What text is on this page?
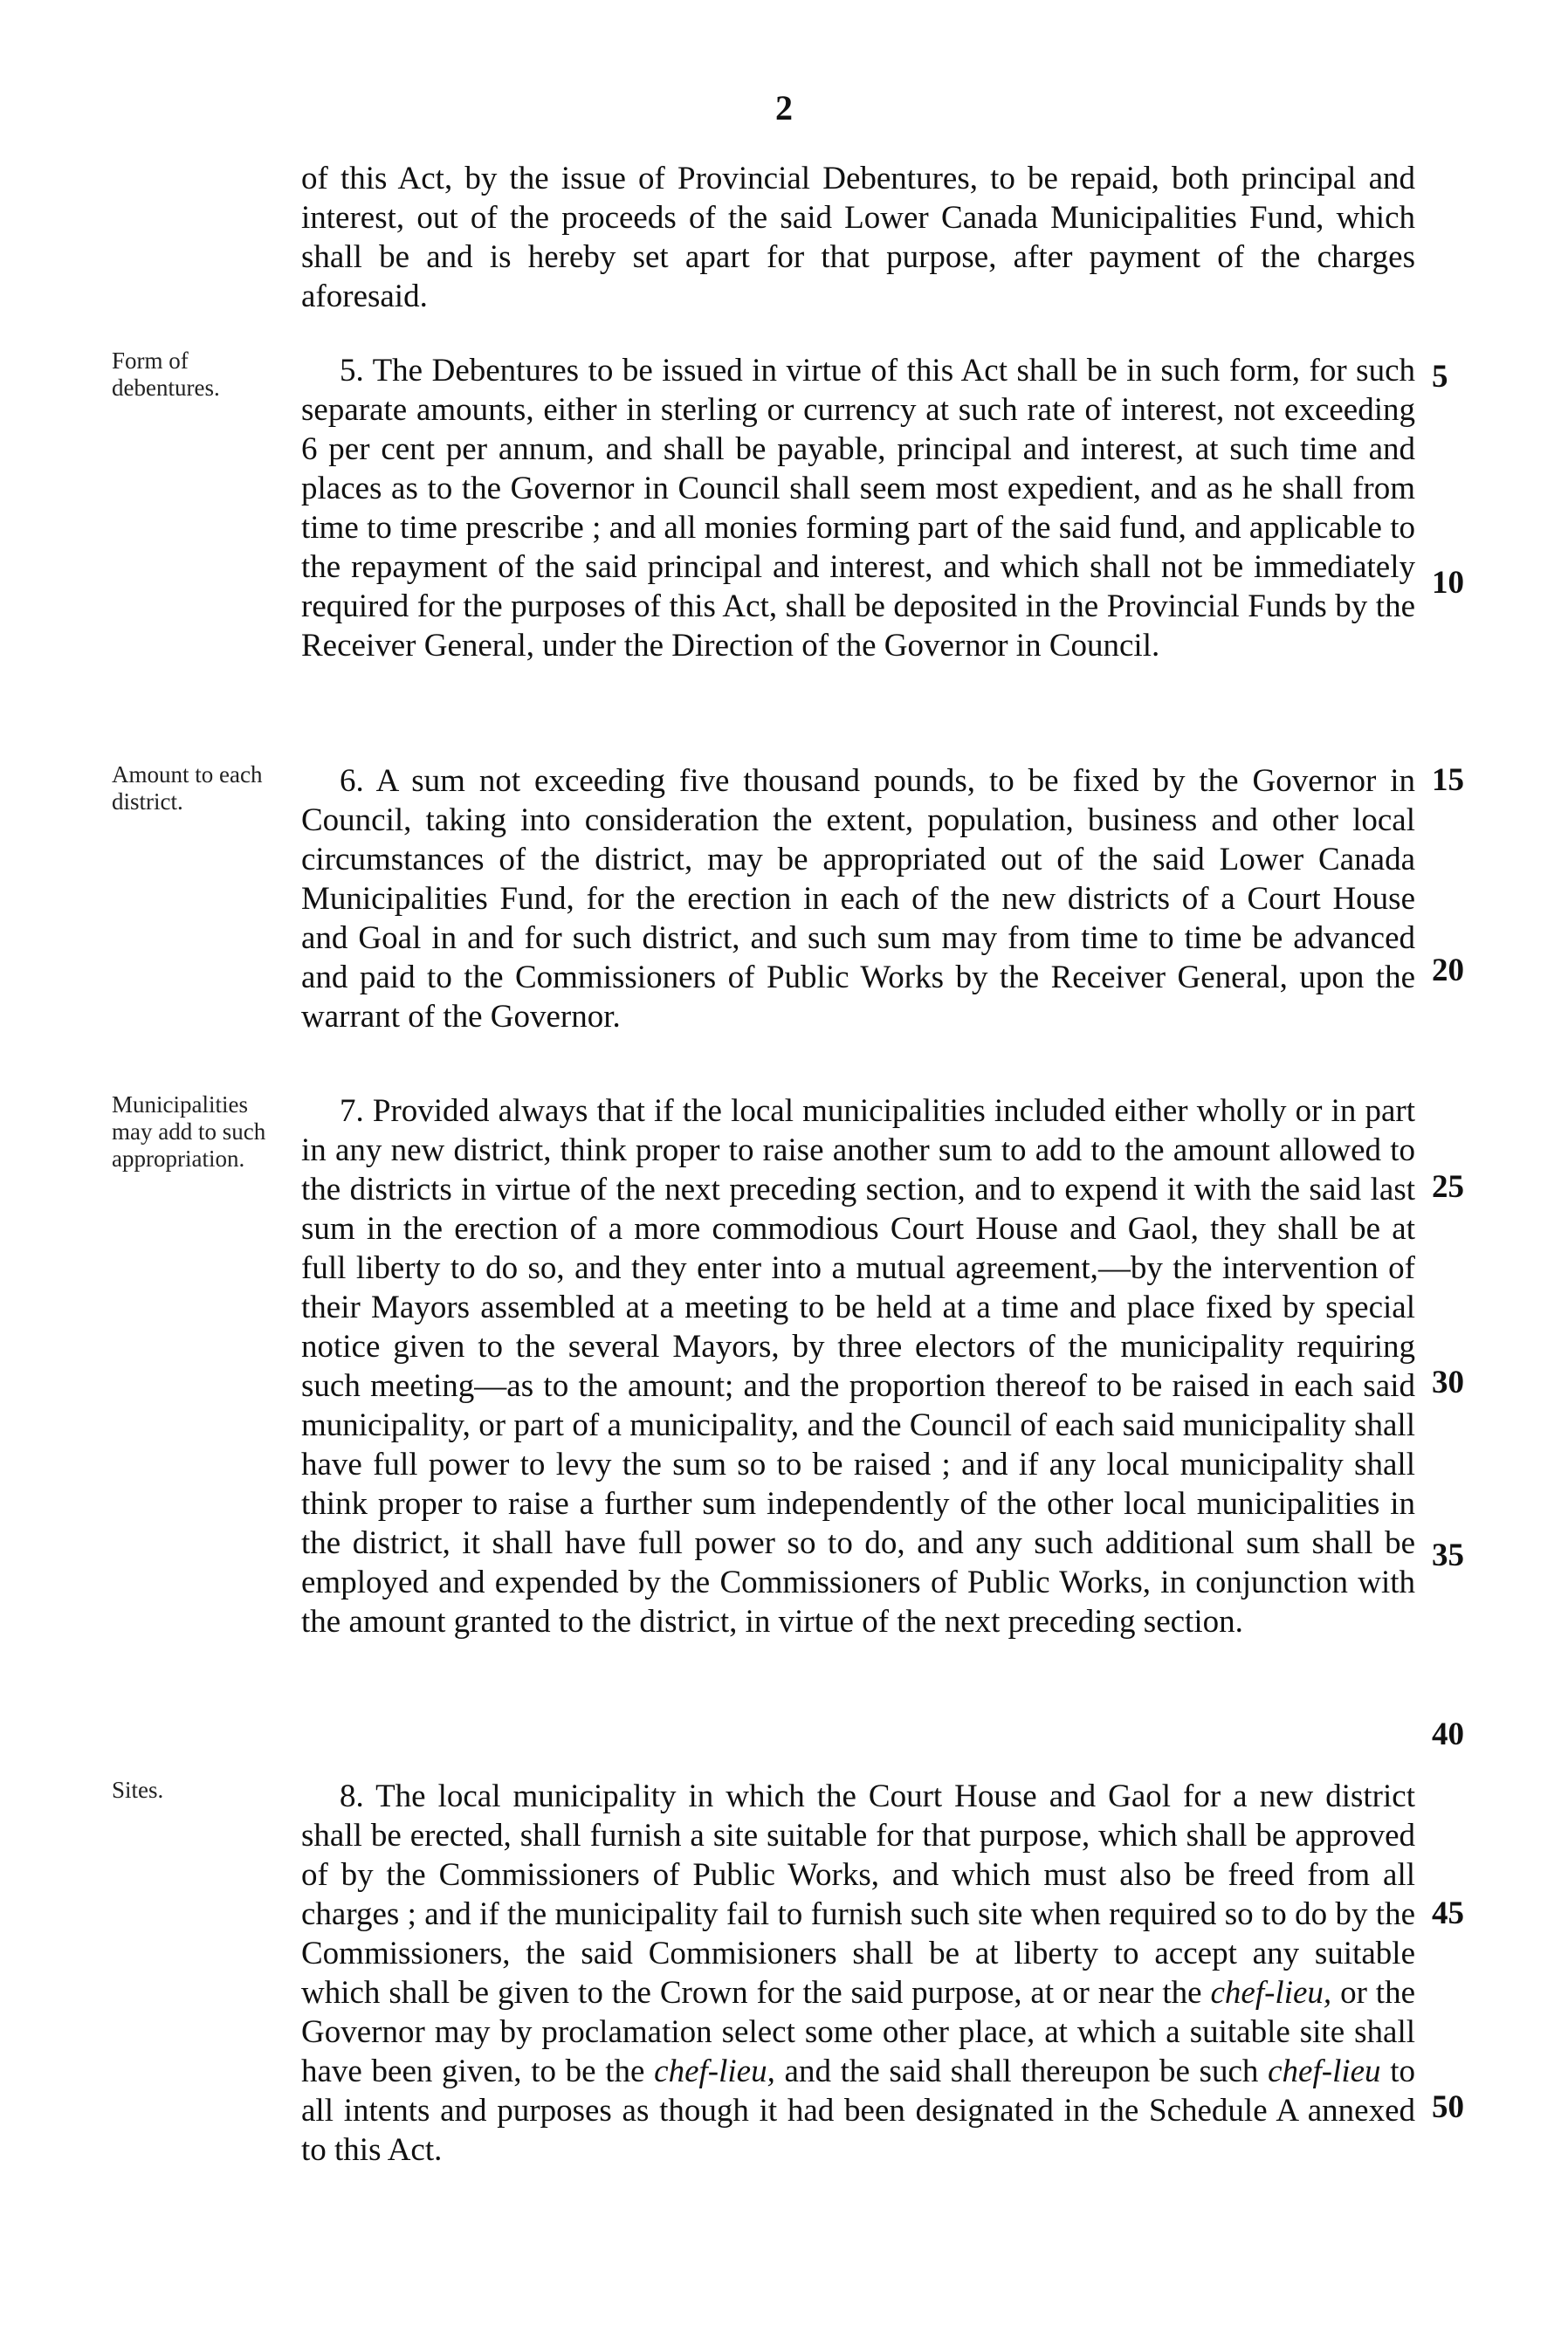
2

of this Act, by the issue of Provincial Debentures, to be repaid, both principal and interest, out of the proceeds of the said Lower Canada Municipalities Fund, which shall be and is hereby set apart for that purpose, after payment of the charges aforesaid.

Form of debentures.	5. The Debentures to be issued in virtue of this Act shall be in such form, for such separate amounts, either in sterling or currency at such rate of interest, not exceeding 6 per cent per annum, and shall be payable, principal and interest, at such time and places as to the Governor in Council shall seem most expedient, and as he shall from time to time prescribe ; and all monies forming part of the said fund, and applicable to the repayment of the said principal and interest, and which shall not be immediately required for the purposes of this Act, shall be deposited in the Provincial Funds by the Receiver General, under the Direction of the Governor in Council.

Amount to each district.

6. A sum not exceeding five thousand pounds, to be fixed by the Governor in Council, taking into consideration the extent, population, business and other local circumstances of the district, may be appropriated out of the said Lower Canada Municipalities Fund, for the erection in each of the new districts of a Court House and Goal in and for such district, and such sum may from time to time be advanced and paid to the Commissioners of Public Works by the Receiver General, upon the warrant of the Governor.

Municipalities may add to such appropriation.

7. Provided always that if the local municipalities included either wholly or in part in any new district, think proper to raise another sum to add to the amount allowed to the districts in virtue of the next preceding section, and to expend it with the said last sum in the erection of a more commodious Court House and Gaol, they shall be at full liberty to do so, and they enter into a mutual agreement,—by the intervention of their Mayors assembled at a meeting to be held at a time and place fixed by special notice given to the several Mayors, by three electors of the municipality requiring such meeting—as to the amount; and the proportion thereof to be raised in each said municipality, or part of a municipality, and the Council of each said municipality shall have full power to levy the sum so to be raised ; and if any local municipality shall think proper to raise a further sum independently of the other local municipalities in the district, it shall have full power so to do, and any such additional sum shall be employed and expended by the Commissioners of Public Works, in conjunction with the amount granted to the district, in virtue of the next preceding section.

Sites.	8. The local municipality in which the Court House and Gaol for a new district shall be erected, shall furnish a site suitable for that purpose, which shall be approved of by the Commissioners of Public Works, and which must also be freed from all charges ; and if the municipality fail to furnish such site when required so to do by the Commissioners, the said Commisioners shall be at liberty to accept any suitable which shall be given to the Crown for the said purpose, at or near the chef-lieu, or the Governor may by proclamation select some other place, at which a suitable site shall have been given, to be the chef-lieu, and the said shall thereupon be such chef-lieu to all intents and purposes as though it had been designated in the Schedule A annexed to this Act.

5
10
15
20
25
30
35
40
45
50
